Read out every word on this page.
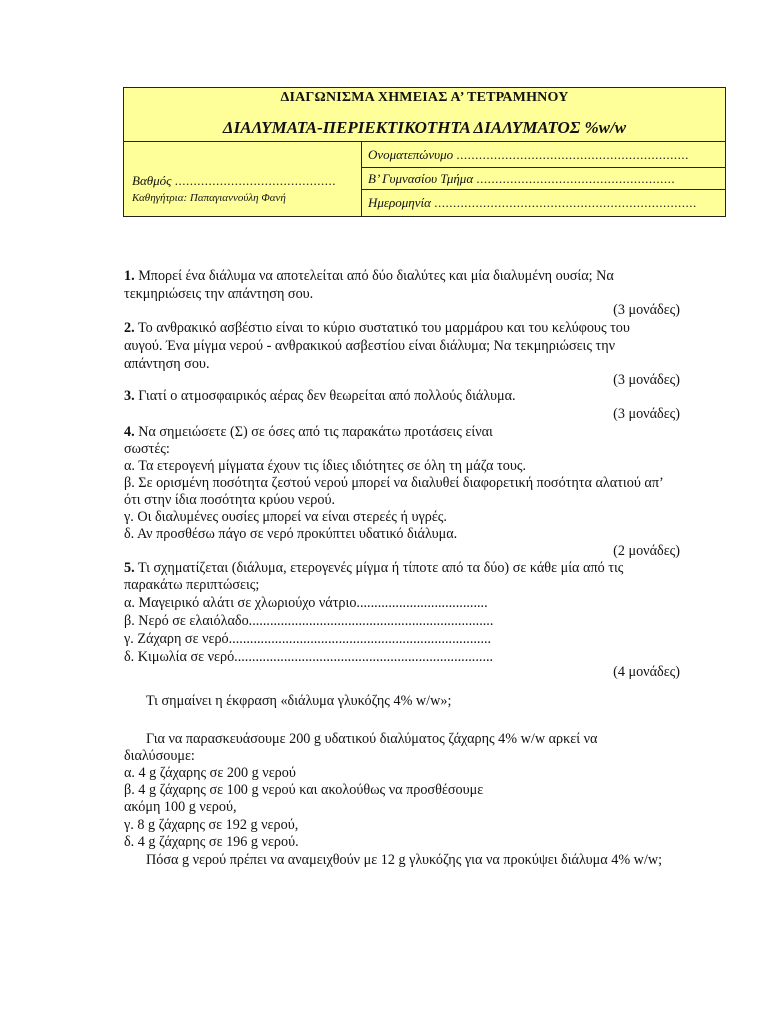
ΔΙΑΓΩΝΙΣΜΑ ΧΗΜΕΙΑΣ Α’ ΤΕΤΡΑΜΗΝΟΥ
ΔΙΑΛΥΜΑΤΑ-ΠΕΡΙΕΚΤΙΚΟΤΗΤΑ ΔΙΑΛΥΜΑΤΟΣ %w/w
Βαθμός ...........................................
Καθηγήτρια: Παπαγιαννούλη Φανή
Ονοματεπώνυμο ..............................................................
Β’ Γυμνασίου Τμήμα .....................................................
Ημερομηνία ......................................................................
1. Μπορεί ένα διάλυμα να αποτελείται από δύο διαλύτες και μία διαλυμένη ουσία; Να
τεκμηριώσεις την απάντηση σου.
(3 μονάδες)
2. Το ανθρακικό ασβέστιο είναι το κύριο συστατικό του μαρμάρου και του κελύφους του
αυγού. Ένα μίγμα νερού - ανθρακικού ασβεστίου είναι διάλυμα; Να τεκμηριώσεις την
απάντηση σου.
(3 μονάδες)
3. Γιατί ο ατμοσφαιρικός αέρας δεν θεωρείται από πολλούς διάλυμα.
(3 μονάδες)
4. Να σημειώσετε (Σ) σε όσες από τις παρακάτω προτάσεις είναι
σωστές:
α. Τα ετερογενή μίγματα έχουν τις ίδιες ιδιότητες σε όλη τη μάζα τους.
β. Σε ορισμένη ποσότητα ζεστού νερού μπορεί να διαλυθεί διαφορετική ποσότητα αλατιού απ’
ότι στην ίδια ποσότητα κρύου νερού.
γ. Οι διαλυμένες ουσίες μπορεί να είναι στερεές ή υγρές.
δ. Αν προσθέσω πάγο σε νερό προκύπτει υδατικό διάλυμα.
(2 μονάδες)
5. Τι σχηματίζεται (διάλυμα, ετερογενές μίγμα ή τίποτε από τα δύο) σε κάθε μία από τις
παρακάτω περιπτώσεις;
α. Μαγειρικό αλάτι σε χλωριούχο νάτριο.....................................
β. Νερό σε ελαιόλαδο.....................................................................
γ. Ζάχαρη σε νερό..........................................................................
δ. Κιμωλία σε νερό.........................................................................
(4 μονάδες)
Τι σημαίνει η έκφραση «διάλυμα γλυκόζης 4% w/w»;
Για να παρασκευάσουμε 200 g υδατικού διαλύματος ζάχαρης 4% w/w αρκεί να
διαλύσουμε:
α. 4 g ζάχαρης σε 200 g νερού
β. 4 g ζάχαρης σε 100 g νερού και ακολούθως να προσθέσουμε
ακόμη 100 g νερού,
γ. 8 g ζάχαρης σε 192 g νερού,
δ. 4 g ζάχαρης σε 196 g νερού.
Πόσα g νερού πρέπει να αναμειχθούν με 12 g γλυκόζης για να προκύψει διάλυμα 4% w/w;
